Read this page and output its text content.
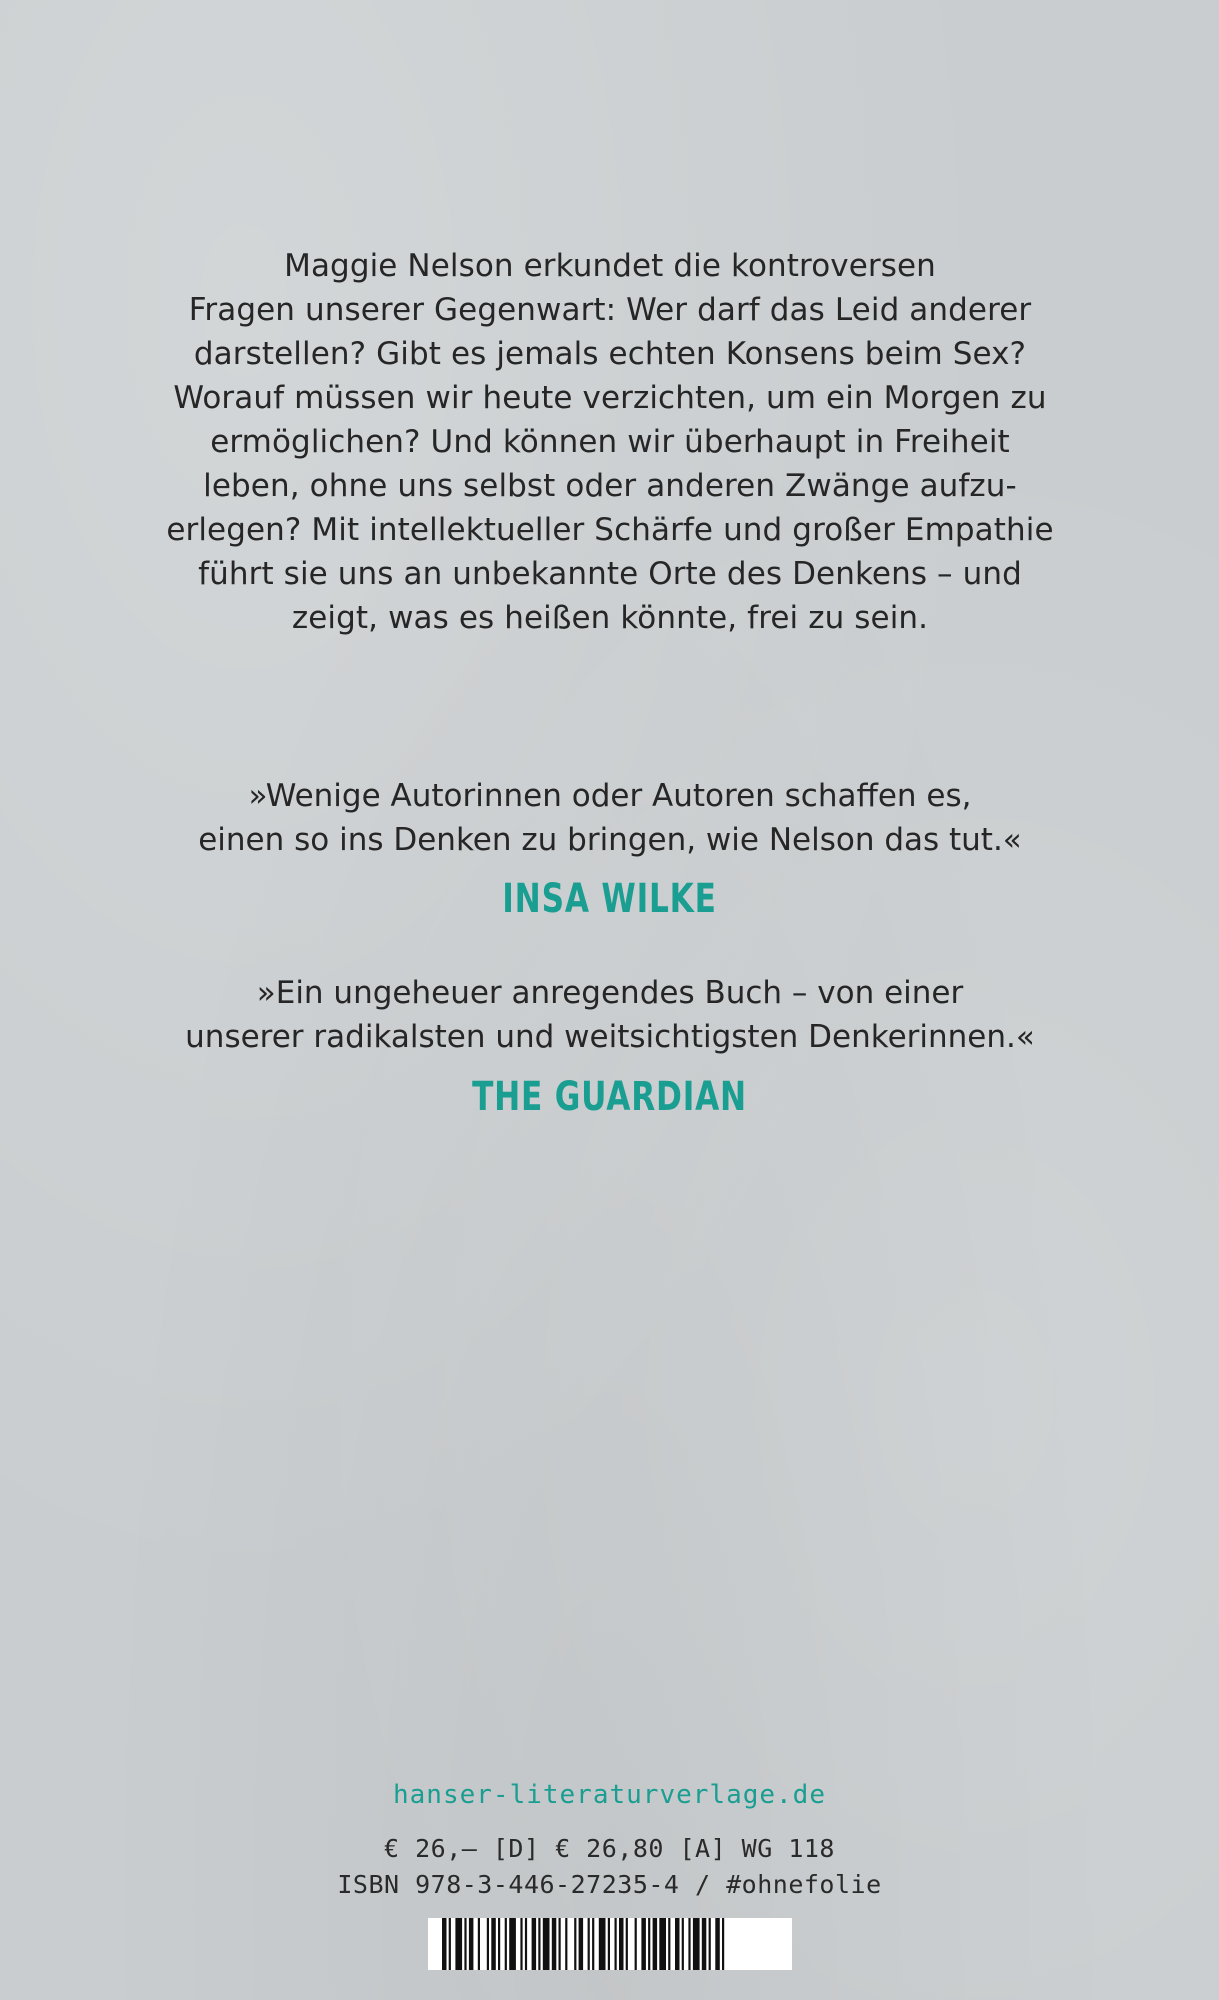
Maggie Nelson erkundet die kontroversen
Fragen unserer Gegenwart: Wer darf das Leid anderer
darstellen? Gibt es jemals echten Konsens beim Sex?
Worauf müssen wir heute verzichten, um ein Morgen zu
ermöglichen? Und können wir überhaupt in Freiheit
leben, ohne uns selbst oder anderen Zwänge aufzu-
erlegen? Mit intellektueller Schärfe und großer Empathie
führt sie uns an unbekannte Orte des Denkens – und
zeigt, was es heißen könnte, frei zu sein.
»Wenige Autorinnen oder Autoren schaffen es,
einen so ins Denken zu bringen, wie Nelson das tut.«
INSA WILKE
»Ein ungeheuer anregendes Buch – von einer
unserer radikalsten und weitsichtigsten Denkerinnen.«
THE GUARDIAN
hanser-literaturverlage.de
€ 26,– [D] € 26,80 [A] WG 118
ISBN 978-3-446-27235-4 / #ohnefolie
